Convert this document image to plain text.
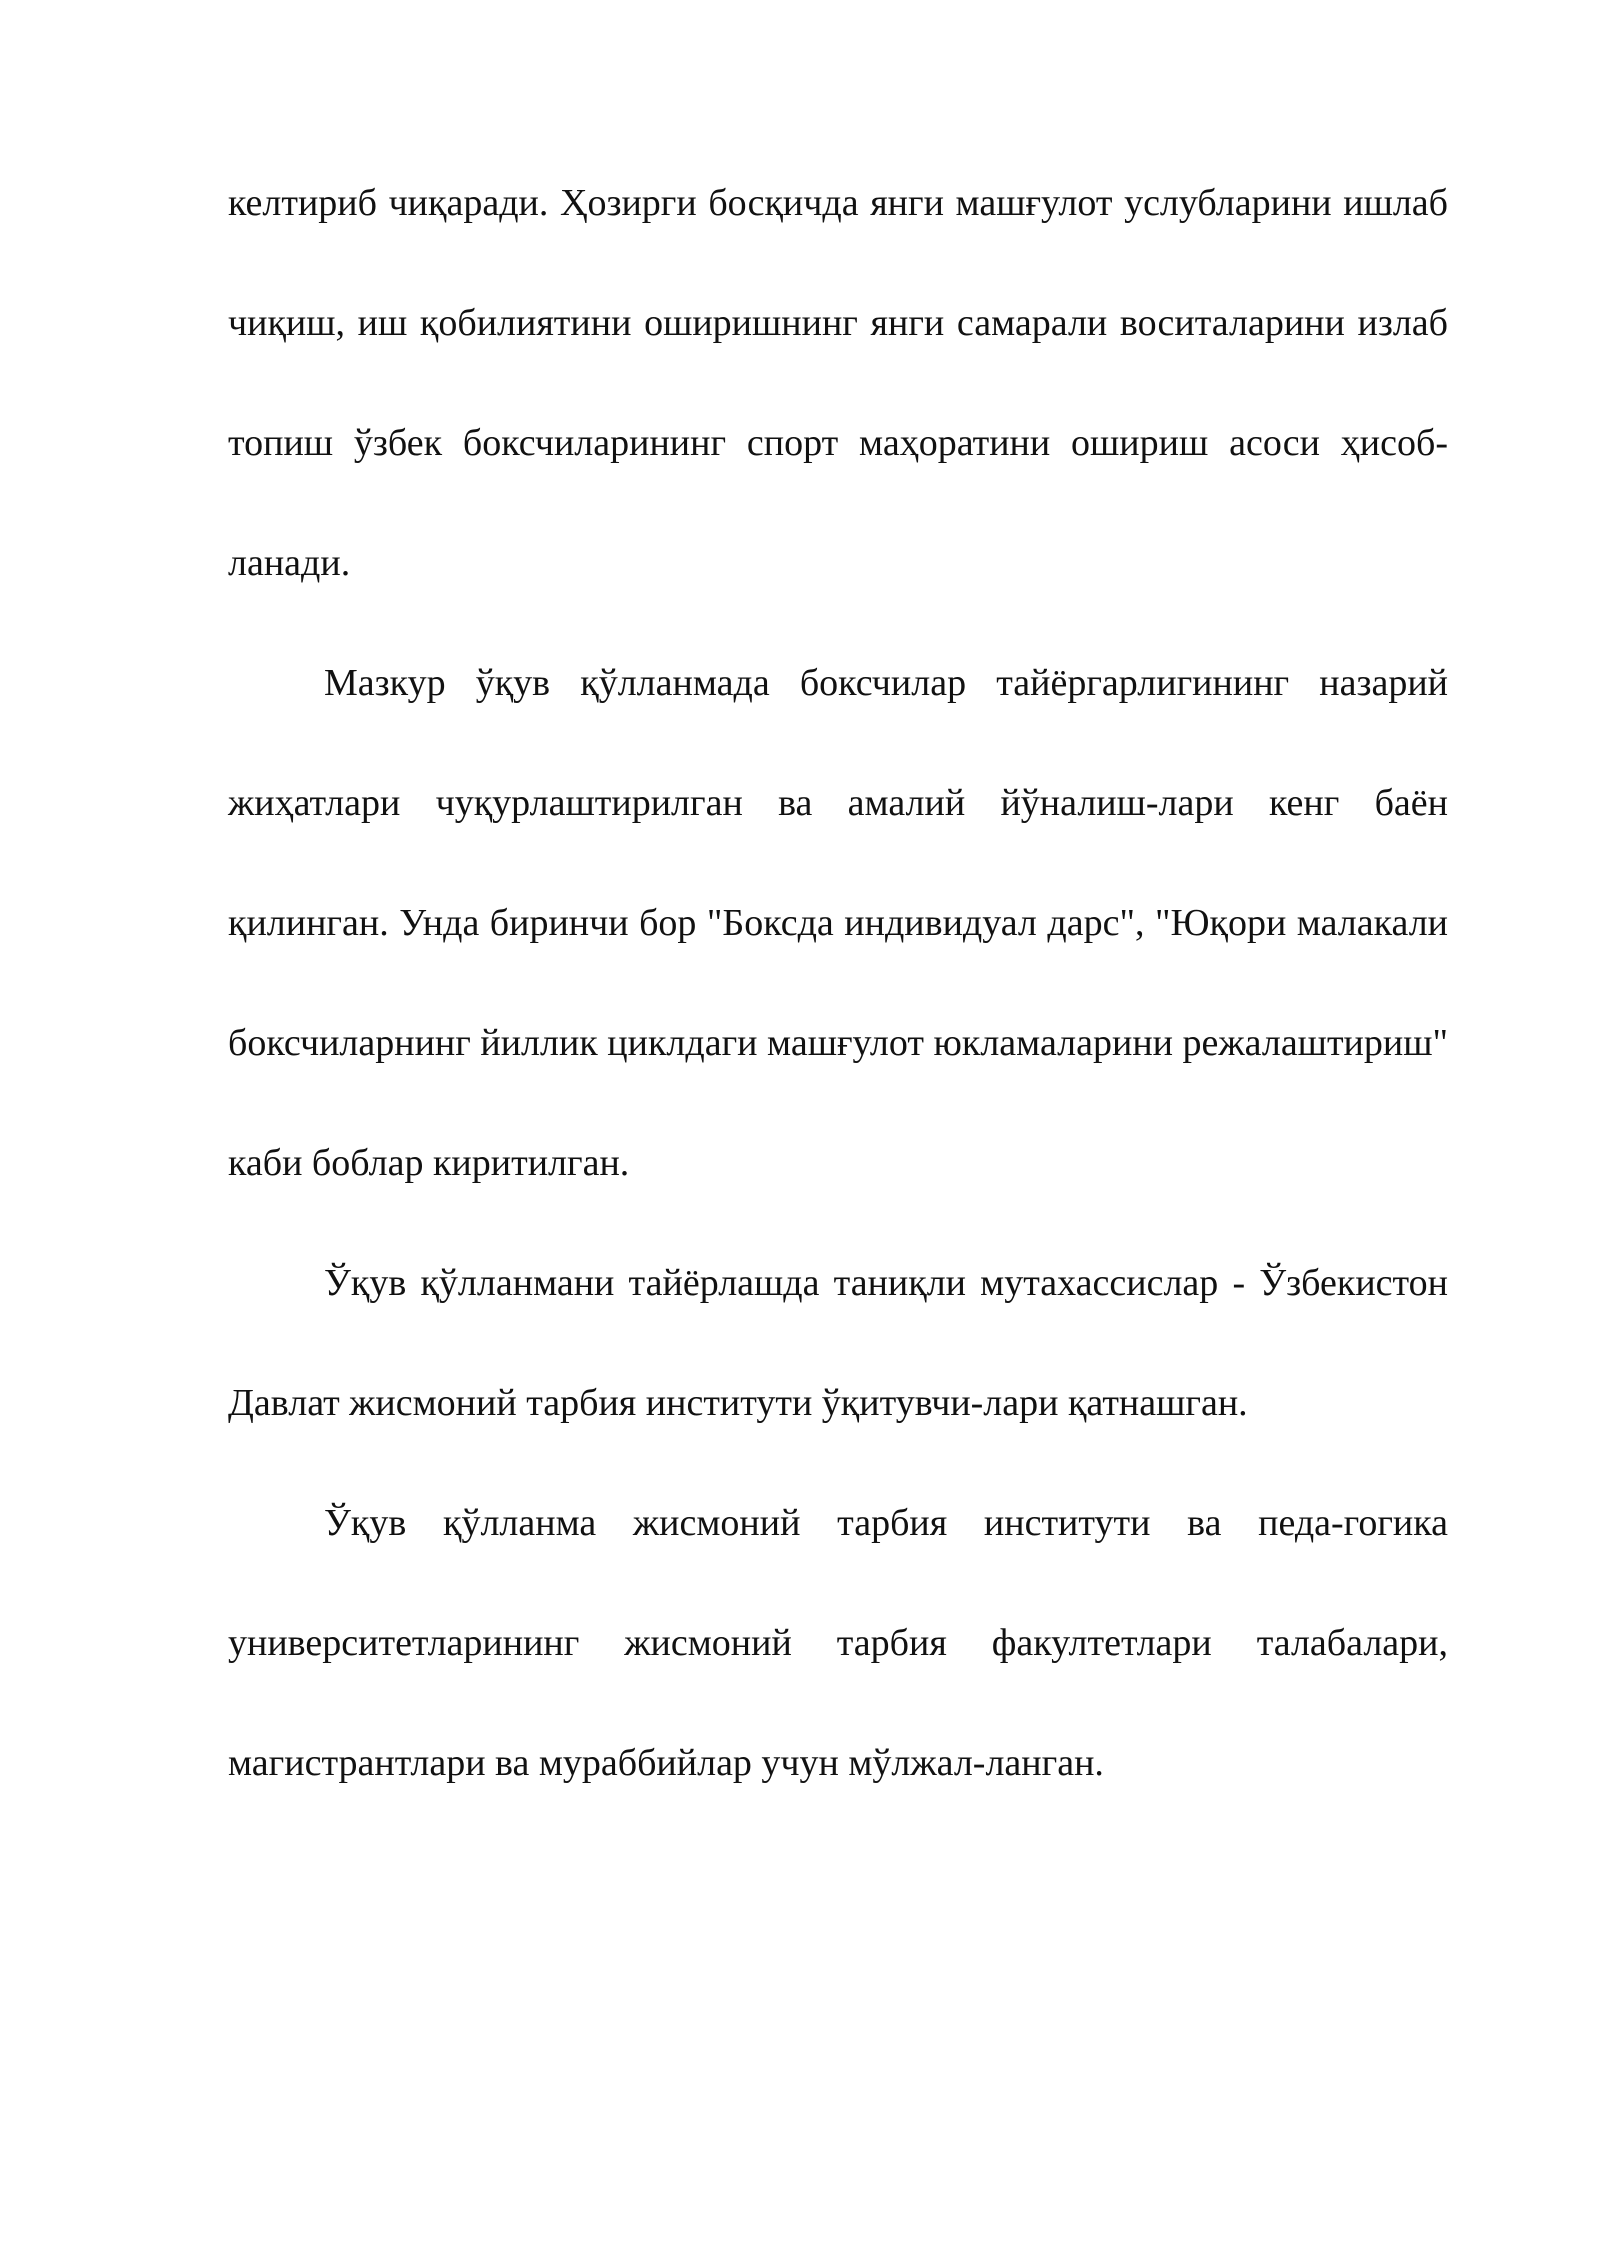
келтириб чиқаради. Ҳозирги босқичда янги машғулот услубларини ишлаб чиқиш, иш қобилиятини оширишнинг янги самарали воситаларини излаб топиш ўзбек боксчиларининг спорт маҳоратини ошириш асоси ҳисоб-ланади.

Мазкур ўқув қўлланмада боксчилар тайёргарлигининг назарий жиҳатлари чуқурлаштирилган ва амалий йўналиш-лари кенг баён қилинган. Унда биринчи бор "Боксда индивидуал дарс", "Юқори малакали боксчиларнинг йиллик циклдаги машғулот юкламаларини режалаштириш" каби боблар киритилган.

Ўқув қўлланмани тайёрлашда таниқли мутахассислар - Ўзбекистон Давлат жисмоний тарбия институти ўқитувчи-лари қатнашган.

Ўқув қўлланма жисмоний тарбия институти ва педа-гогика университетларининг жисмоний тарбия факултетлари талабалари, магистрантлари ва мураббийлар учун мўлжал-ланган.
